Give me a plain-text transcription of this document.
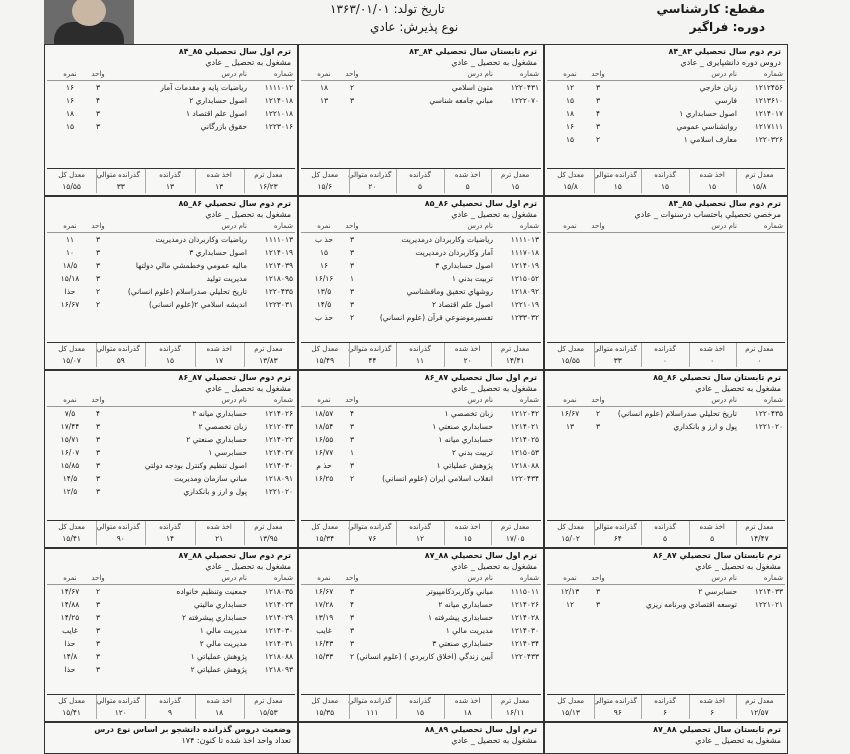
تاریخ تولد: ۱۳۶۳/۰۱/۰۱
نوع پذیرش: عادي
مقطع: کارشناسي
دوره: فراگير
ترم دوم سال تحصیلي ۸۳_۸۴
دروس دوره دانشپایری _ عادي
شماره
نام درس
واحد
نمره
۱۲۱۲۴۵۶
زبان خارجي
۳
۱۲
۱۲۱۳۶۱۰
فارسي
۳
۱۵
۱۲۱۴۰۱۷
اصول حسابداري ۱
۴
۱۸
۱۲۱۷۱۱۱
روانشناسي عمومي
۳
۱۶
۱۲۲۰۳۲۶
معارف اسلامي ۱
۲
۱۵
معدل ترم
۱۵/۸
اخذ شده
۱۵
گذرانده
۱۵
گذرانده متوالي
۱۵
معدل کل
۱۵/۸
ترم تابستان سال تحصیلي ۸۴_۸۳
مشغول به تحصیل _ عادي
شماره
نام درس
واحد
نمره
۱۲۲۰۴۳۱
متون اسلامي
۲
۱۸
۱۲۲۲۰۷۰
مباني جامعه شناسي
۳
۱۳
معدل ترم
۱۵
اخذ شده
۵
گذرانده
۵
گذرانده متوالي
۲۰
معدل کل
۱۵/۶
ترم اول سال تحصیلي ۸۵_۸۴
مشغول به تحصیل _ عادي
شماره
نام درس
واحد
نمره
۱۱۱۱۰۱۲
رياضيات پايه و مقدمات آمار
۳
۱۶
۱۲۱۴۰۱۸
اصول حسابداري ۲
۴
۱۶
۱۲۲۱۰۱۸
اصول علم اقتصاد ۱
۳
۱۸
۱۲۲۳۰۱۶
حقوق بازرگاني
۳
۱۵
معدل ترم
۱۶/۲۳
اخذ شده
۱۳
گذرانده
۱۳
گذرانده متوالي
۳۳
معدل کل
۱۵/۵۵
ترم دوم سال تحصیلي ۸۵_۸۴
مرخصي تحصیلي باحتساب درسنوات _ عادي
شماره
نام درس
واحد
نمره
معدل ترم
۰
اخذ شده
۰
گذرانده
۰
گذرانده متوالي
۳۳
معدل کل
۱۵/۵۵
ترم اول سال تحصیلي ۸۶_۸۵
مشغول به تحصیل _ عادي
شماره
نام درس
واحد
نمره
۱۱۱۱۰۱۳
رياضيات وكاربردان درمديريت
۳
حذ ب
۱۱۱۷۰۱۸
آمار وكاربردان درمديريت
۳
۱۵
۱۲۱۴۰۱۹
اصول حسابداري ۳
۳
۱۶
۱۲۱۵۰۵۲
تربيت بدني ۱
۱
۱۶/۱۶
۱۲۱۸۰۹۲
روشهاي تحقيق ومافشناسي
۳
۱۳/۵
۱۲۲۱۰۱۹
اصول علم اقتصاد ۲
۳
۱۴/۵
۱۲۳۳۰۳۲
تفسيرموضوعي قرآن (علوم انساني)
۲
حذ ب
معدل ترم
۱۴/۴۱
اخذ شده
۲۰
گذرانده
۱۱
گذرانده متوالي
۴۴
معدل کل
۱۵/۴۹
ترم دوم سال تحصیلي ۸۶_۸۵
مشغول به تحصیل _ عادي
شماره
نام درس
واحد
نمره
۱۱۱۱۰۱۳
رياضيات وكاربردان درمديريت
۳
۱۱
۱۲۱۴۰۱۹
اصول حسابداري ۳
۳
۱۰
۱۲۱۴۰۳۹
ماليه عمومي وخطمشي مالي دولتها
۳
۱۸/۵
۱۲۱۸۰۹۵
مديريت توليد
۳
۱۵/۱۸
۱۲۲۰۴۳۵
تاريخ تحليلي صدراسلام (علوم انساني)
۲
حذا
۱۲۲۳۰۳۱
انديشه اسلامي ۲(علوم انساني)
۲
۱۶/۶۷
معدل ترم
۱۳/۸۳
اخذ شده
۱۷
گذرانده
۱۵
گذرانده متوالي
۵۹
معدل کل
۱۵/۰۷
ترم تابستان سال تحصیلي ۸۶_۸۵
مشغول به تحصیل _ عادي
شماره
نام درس
واحد
نمره
۱۲۲۰۴۳۵
تاريخ تحليلي صدراسلام (علوم انساني)
۲
۱۶/۶۷
۱۲۲۱۰۲۰
پول و ارز و بانكداري
۳
۱۳
معدل ترم
۱۴/۴۷
اخذ شده
۵
گذرانده
۵
گذرانده متوالي
۶۴
معدل کل
۱۵/۰۲
ترم اول سال تحصیلي ۸۷_۸۶
مشغول به تحصیل _ عادي
شماره
نام درس
واحد
نمره
۱۲۱۲۰۴۲
زبان تخصصي ۱
۴
۱۸/۵۷
۱۲۱۴۰۲۱
حسابداري صنعتي ۱
۳
۱۸/۵۴
۱۲۱۴۰۲۵
حسابداري ميانه ۱
۳
۱۶/۵۵
۱۲۱۵۰۵۳
تربيت بدني ۲
۱
۱۶/۷۷
۱۲۱۸۰۸۸
پژوهش عملياتي ۱
۳
حذ م
۱۲۲۰۴۳۴
انقلاب اسلامي ايران (علوم انساني)
۲
۱۶/۲۵
معدل ترم
۱۷/۰۵
اخذ شده
۱۵
گذرانده
۱۲
گذرانده متوالي
۷۶
معدل کل
۱۵/۳۴
ترم دوم سال تحصیلي ۸۷_۸۶
مشغول به تحصیل _ عادي
شماره
نام درس
واحد
نمره
۱۲۱۴۰۲۶
حسابداري ميانه ۲
۴
۷/۵
۱۲۱۲۰۴۳
زبان تخصصي ۲
۳
۱۷/۴۴
۱۲۱۴۰۲۲
حسابداري صنعتي ۲
۳
۱۵/۷۱
۱۲۱۴۰۲۷
حسابرسي ۱
۳
۱۶/۰۷
۱۲۱۴۰۳۰
اصول تنظيم وكنترل بودجه دولتي
۳
۱۵/۸۵
۱۲۱۸۰۹۱
مباني سازمان ومديريت
۳
۱۴/۵
۱۲۲۱۰۲۰
پول و ارز و بانكداري
۳
۱۲/۵
معدل ترم
۱۳/۹۵
اخذ شده
۲۱
گذرانده
۱۴
گذرانده متوالي
۹۰
معدل کل
۱۵/۴۱
ترم تابستان سال تحصیلي ۸۷_۸۶
مشغول به تحصیل _ عادي
شماره
نام درس
واحد
نمره
۱۲۱۴۰۳۳
حسابرسي ۲
۳
۱۲/۱۳
۱۲۲۱۰۲۱
توسعه اقتصادي وبرنامه ريزي
۳
۱۲
معدل ترم
۱۲/۵۷
اخذ شده
۶
گذرانده
۶
گذرانده متوالي
۹۶
معدل کل
۱۵/۱۳
ترم اول سال تحصیلي ۸۸_۸۷
مشغول به تحصیل _ عادي
شماره
نام درس
واحد
نمره
۱۱۱۵۰۱۱
مباني وكاربردكامپيوتر
۳
۱۶/۶۷
۱۲۱۴۰۲۶
حسابداري ميانه ۲
۴
۱۷/۲۸
۱۲۱۴۰۲۸
حسابداري پيشرفته ۱
۳
۱۳/۱۹
۱۲۱۴۰۳۰
مديريت مالي ۱
۳
غايب
۱۲۱۴۰۳۴
حسابداري صنعتي ۳
۳
۱۶/۴۳
۱۲۲۰۴۳۳
آيين زندگي (اخلاق كاربردي ) (علوم انساني)
۲
۱۵/۳۳
معدل ترم
۱۶/۱۱
اخذ شده
۱۸
گذرانده
۱۵
گذرانده متوالي
۱۱۱
معدل کل
۱۵/۳۵
ترم دوم سال تحصیلي ۸۸_۸۷
مشغول به تحصیل _ عادي
شماره
نام درس
واحد
نمره
۱۲۱۸۰۳۵
جمعيت وتنظيم خانواده
۲
۱۴/۶۷
۱۲۱۴۰۲۳
حسابداري ماليتي
۳
۱۴/۸۸
۱۲۱۴۰۲۹
حسابداري پيشرفته ۲
۳
۱۴/۲۵
۱۲۱۴۰۳۰
مديريت مالي ۱
۳
غايب
۱۲۱۴۰۳۱
مديريت مالي ۲
۳
حذا
۱۲۱۸۰۸۸
پژوهش عملياتي ۱
۳
۱۴/۸
۱۲۱۸۰۹۳
پژوهش عملياتي ۲
۳
حذا
معدل ترم
۱۵/۵۳
اخذ شده
۱۸
گذرانده
۹
گذرانده متوالي
۱۲۰
معدل کل
۱۵/۴۱
وضعيت دروس گذرانده دانشجو بر اساس نوع درس
تعداد واحد اخذ شده تا كنون: ۱۷۴
ترم اول سال تحصیلي ۸۹_۸۸
مشغول به تحصیل _ عادي
ترم تابستان سال تحصیلي ۸۸_۸۷
مشغول به تحصیل _ عادي
